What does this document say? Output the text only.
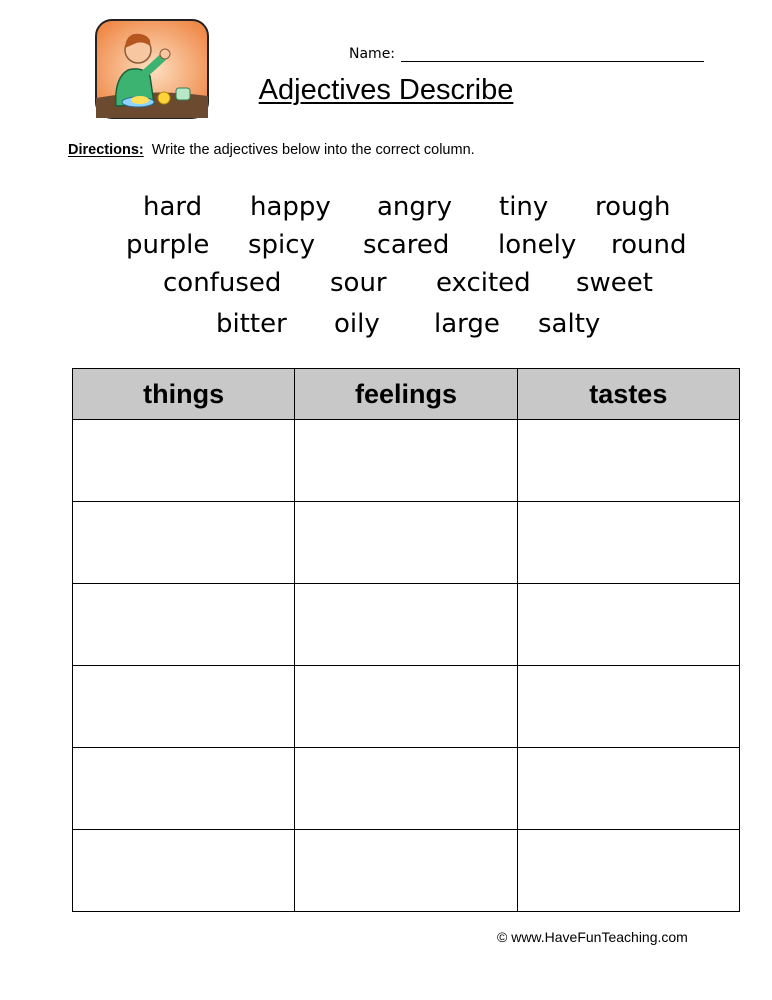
Name:
Adjectives Describe
Directions: Write the adjectives below into the correct column.
hard happy angry tiny rough
purple spicy scared lonely round
confused sour excited sweet
bitter oily large salty
things	feelings	tastes

© www.HaveFunTeaching.com
